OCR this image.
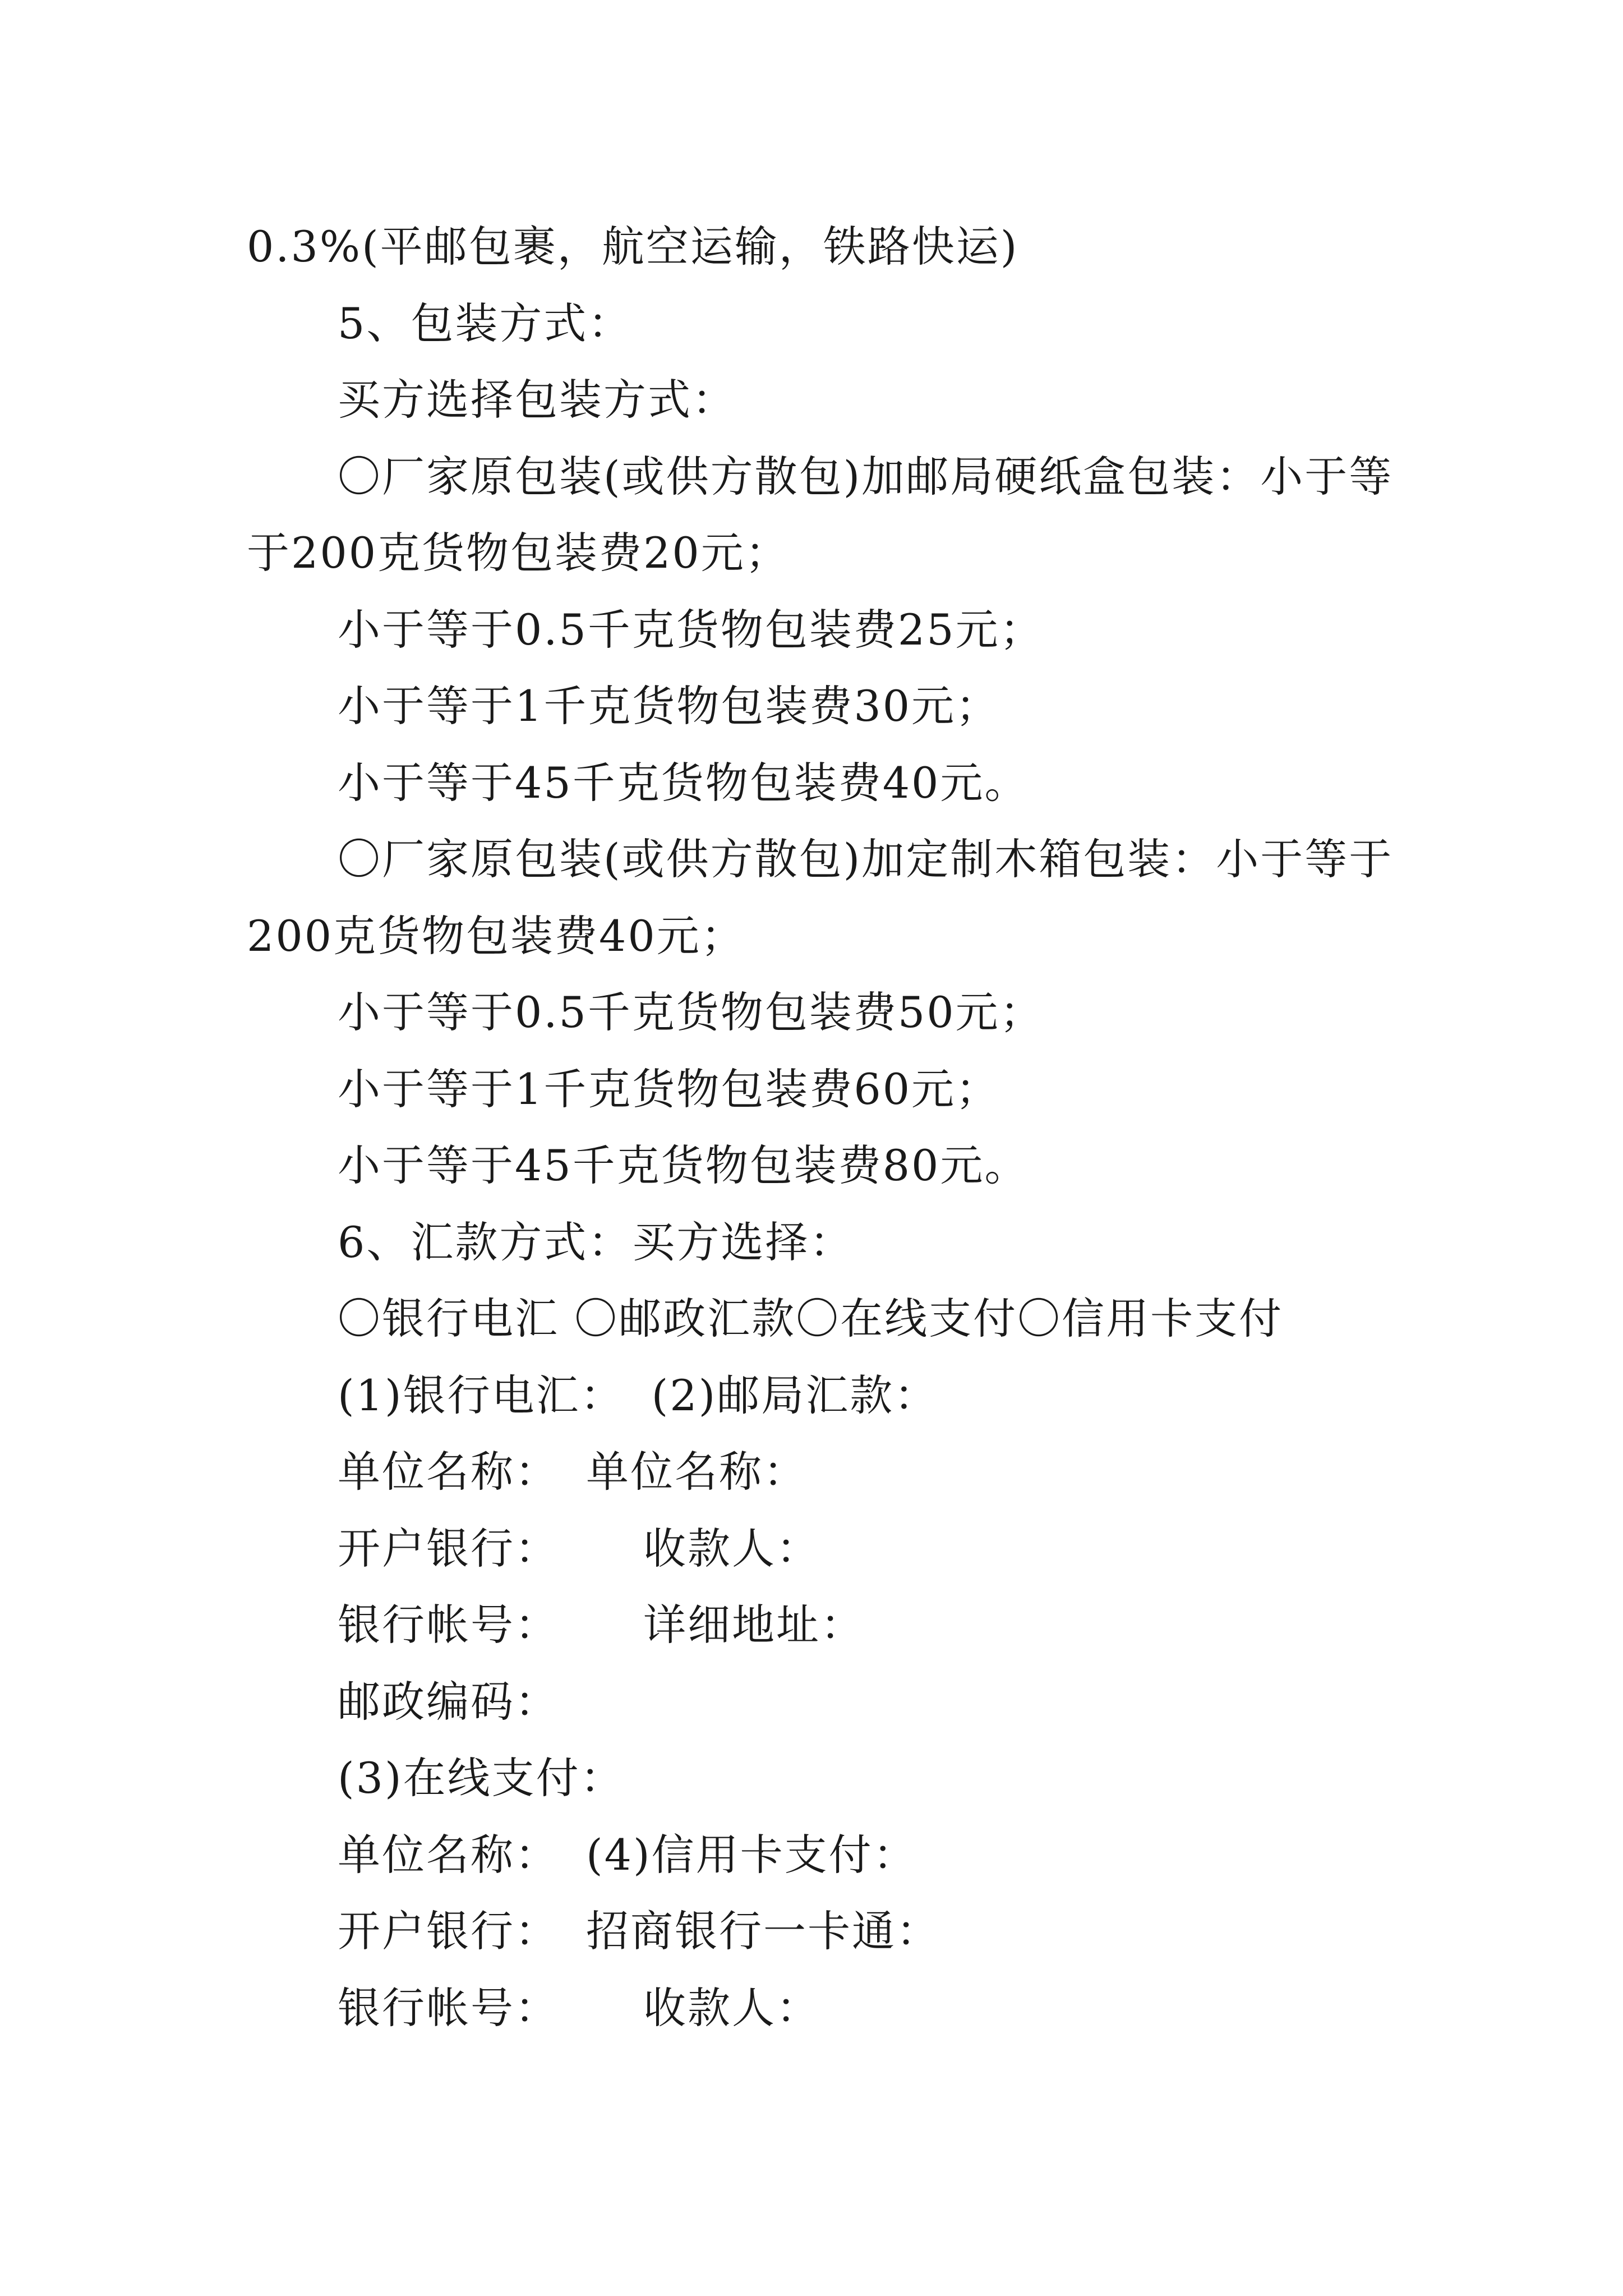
0.3%(平邮包裹，航空运输，铁路快运)
5、包装方式：
买方选择包装方式：
〇厂家原包装(或供方散包)加邮局硬纸盒包装：小于等
于200克货物包装费20元；
小于等于0.5千克货物包装费25元；
小于等于1千克货物包装费30元；
小于等于45千克货物包装费40元。
〇厂家原包装(或供方散包)加定制木箱包装：小于等于
200克货物包装费40元；
小于等于0.5千克货物包装费50元；
小于等于1千克货物包装费60元；
小于等于45千克货物包装费80元。
6、汇款方式：买方选择：
〇银行电汇 〇邮政汇款〇在线支付〇信用卡支付
(1)银行电汇： (2)邮局汇款：
单位名称： 单位名称：
开户银行： 收款人：
银行帐号： 详细地址：
邮政编码：
(3)在线支付：
单位名称： (4)信用卡支付：
开户银行： 招商银行一卡通：
银行帐号： 收款人：
